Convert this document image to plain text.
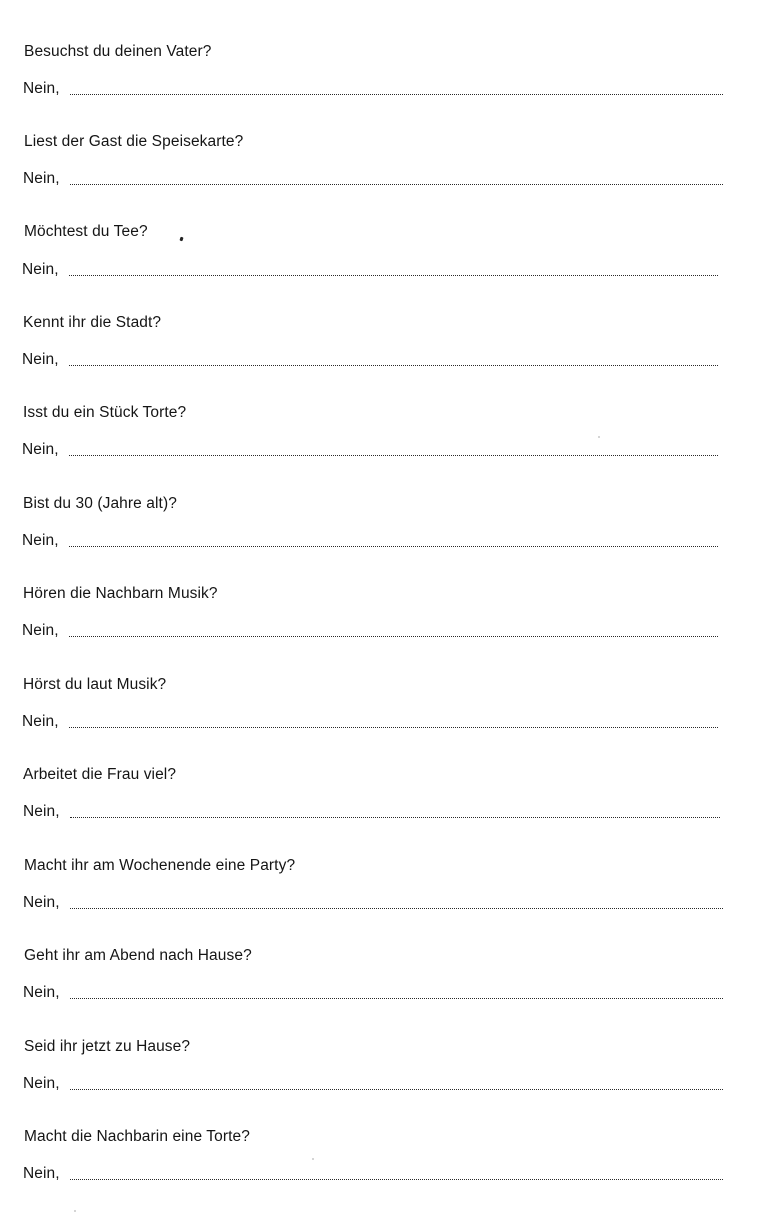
Besuchst du deinen Vater?
Nein,
Liest der Gast die Speisekarte?
Nein,
Möchtest du Tee?
Nein,
Kennt ihr die Stadt?
Nein,
Isst du ein Stück Torte?
Nein,
Bist du 30 (Jahre alt)?
Nein,
Hören die Nachbarn Musik?
Nein,
Hörst du laut Musik?
Nein,
Arbeitet die Frau viel?
Nein,
Macht ihr am Wochenende eine Party?
Nein,
Geht ihr am Abend nach Hause?
Nein,
Seid ihr jetzt zu Hause?
Nein,
Macht die Nachbarin eine Torte?
Nein,
